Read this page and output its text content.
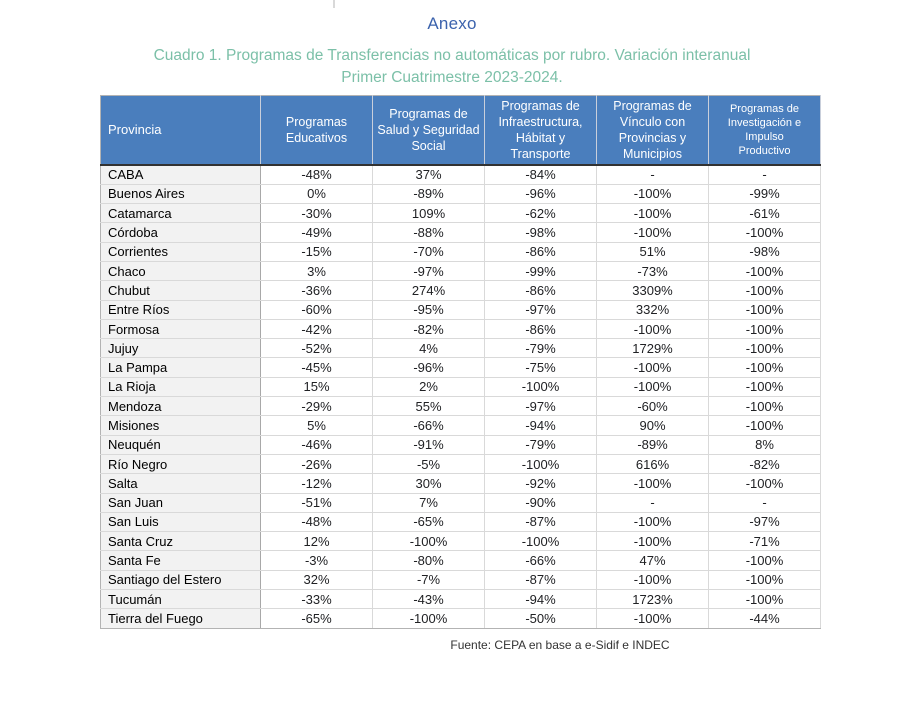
Anexo
Cuadro 1. Programas de Transferencias no automáticas por rubro. Variación interanual
Primer Cuatrimestre 2023-2024.
Provincia	Programas Educativos	Programas de Salud y Seguridad Social	Programas de Infraestructura, Hábitat y Transporte	Programas de Vínculo con Provincias y Municipios	Programas de Investigación e Impulso Productivo
CABA	-48%	37%	-84%	-	-
Buenos Aires	0%	-89%	-96%	-100%	-99%
Catamarca	-30%	109%	-62%	-100%	-61%
Córdoba	-49%	-88%	-98%	-100%	-100%
Corrientes	-15%	-70%	-86%	51%	-98%
Chaco	3%	-97%	-99%	-73%	-100%
Chubut	-36%	274%	-86%	3309%	-100%
Entre Ríos	-60%	-95%	-97%	332%	-100%
Formosa	-42%	-82%	-86%	-100%	-100%
Jujuy	-52%	4%	-79%	1729%	-100%
La Pampa	-45%	-96%	-75%	-100%	-100%
La Rioja	15%	2%	-100%	-100%	-100%
Mendoza	-29%	55%	-97%	-60%	-100%
Misiones	5%	-66%	-94%	90%	-100%
Neuquén	-46%	-91%	-79%	-89%	8%
Río Negro	-26%	-5%	-100%	616%	-82%
Salta	-12%	30%	-92%	-100%	-100%
San Juan	-51%	7%	-90%	-	-
San Luis	-48%	-65%	-87%	-100%	-97%
Santa Cruz	12%	-100%	-100%	-100%	-71%
Santa Fe	-3%	-80%	-66%	47%	-100%
Santiago del Estero	32%	-7%	-87%	-100%	-100%
Tucumán	-33%	-43%	-94%	1723%	-100%
Tierra del Fuego	-65%	-100%	-50%	-100%	-44%
Fuente: CEPA en base a e-Sidif e INDEC
